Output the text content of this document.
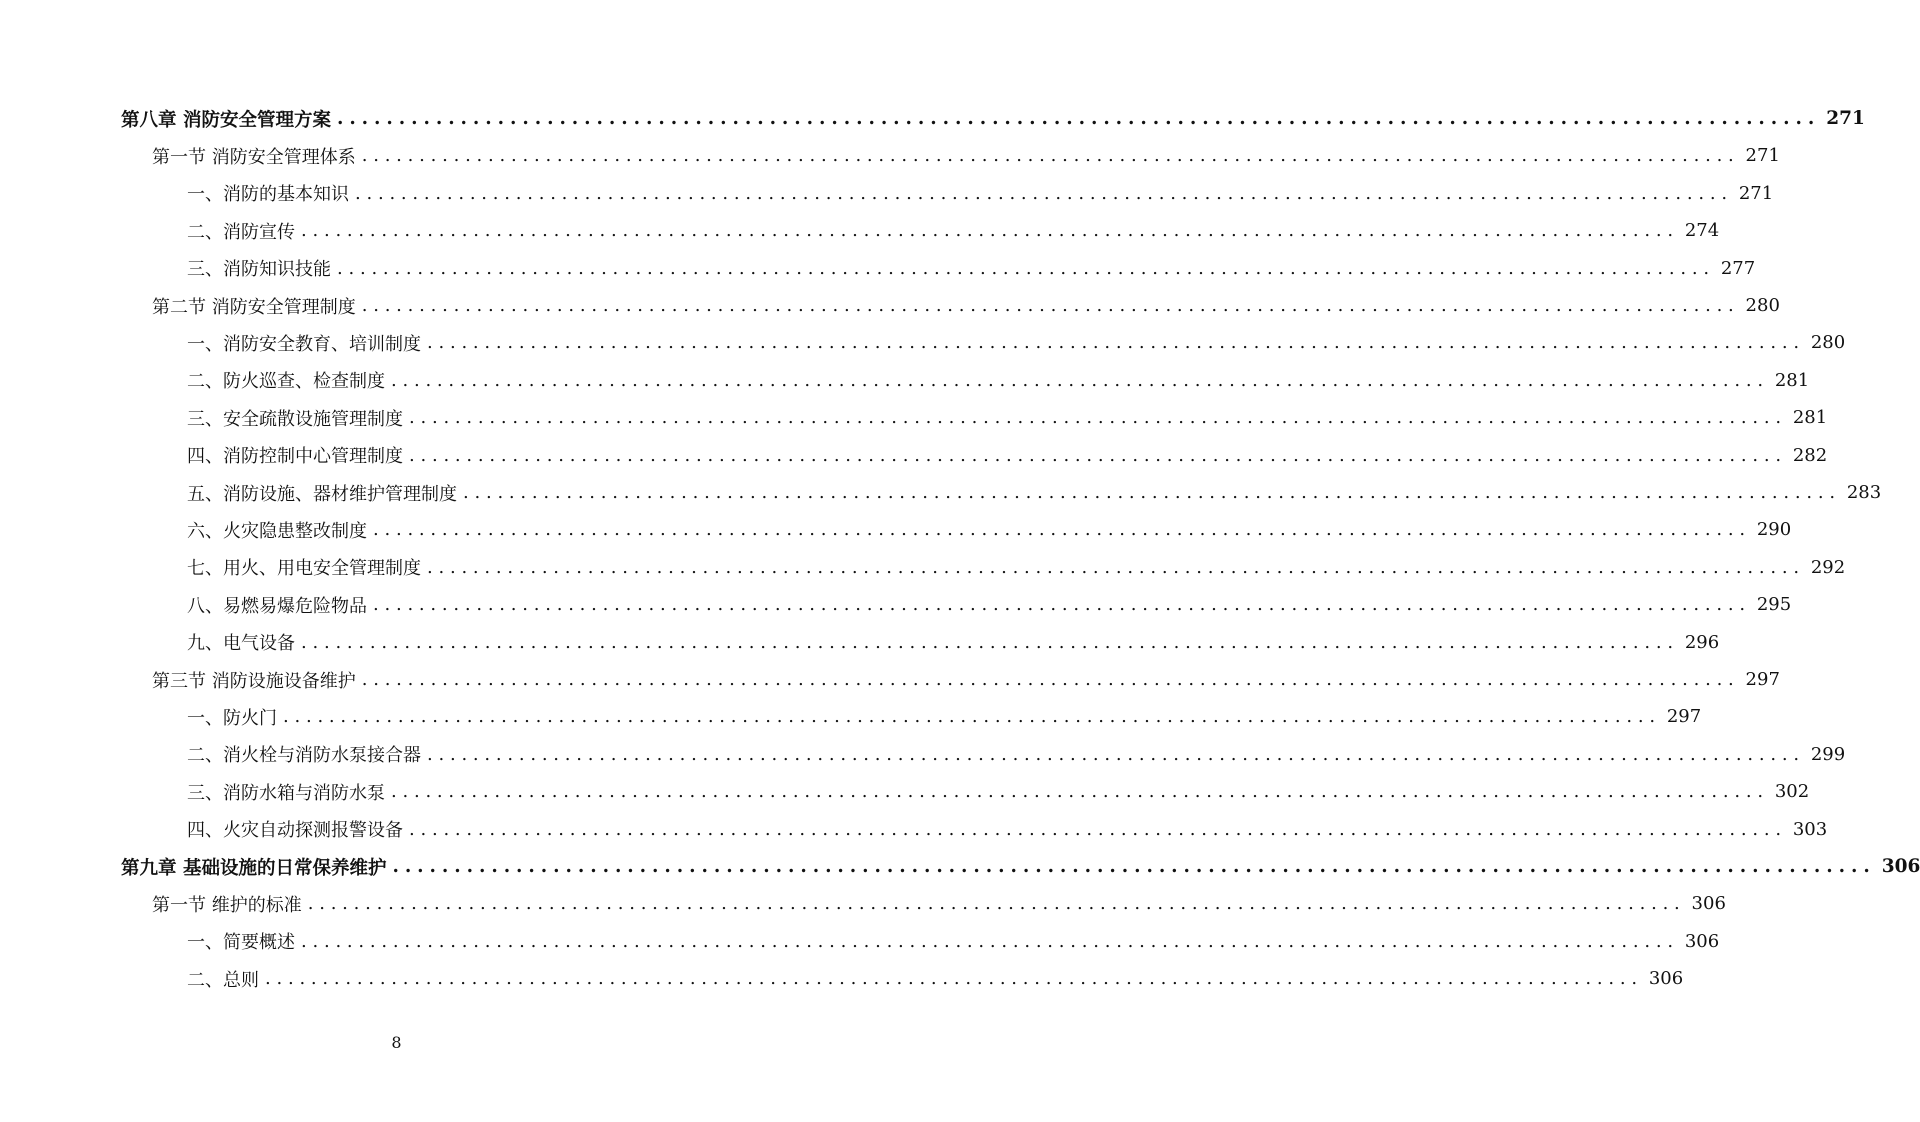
第八章 消防安全管理方案 ........................................................................................................................ 271
第一节 消防安全管理体系 ........................................................................................................................ 271
一、消防的基本知识 ........................................................................................................................ 271
二、消防宣传 ........................................................................................................................ 274
三、消防知识技能 ........................................................................................................................ 277
第二节 消防安全管理制度 ........................................................................................................................ 280
一、消防安全教育、培训制度 ........................................................................................................................ 280
二、防火巡查、检查制度 ........................................................................................................................ 281
三、安全疏散设施管理制度 ........................................................................................................................ 281
四、消防控制中心管理制度 ........................................................................................................................ 282
五、消防设施、器材维护管理制度 ........................................................................................................................ 283
六、火灾隐患整改制度 ........................................................................................................................ 290
七、用火、用电安全管理制度 ........................................................................................................................ 292
八、易燃易爆危险物品 ........................................................................................................................ 295
九、电气设备 ........................................................................................................................ 296
第三节 消防设施设备维护 ........................................................................................................................ 297
一、防火门 ........................................................................................................................ 297
二、消火栓与消防水泵接合器 ........................................................................................................................ 299
三、消防水箱与消防水泵 ........................................................................................................................ 302
四、火灾自动探测报警设备 ........................................................................................................................ 303
第九章 基础设施的日常保养维护 ........................................................................................................................ 306
第一节 维护的标准 ........................................................................................................................ 306
一、简要概述 ........................................................................................................................ 306
二、总则 ........................................................................................................................ 306
8
